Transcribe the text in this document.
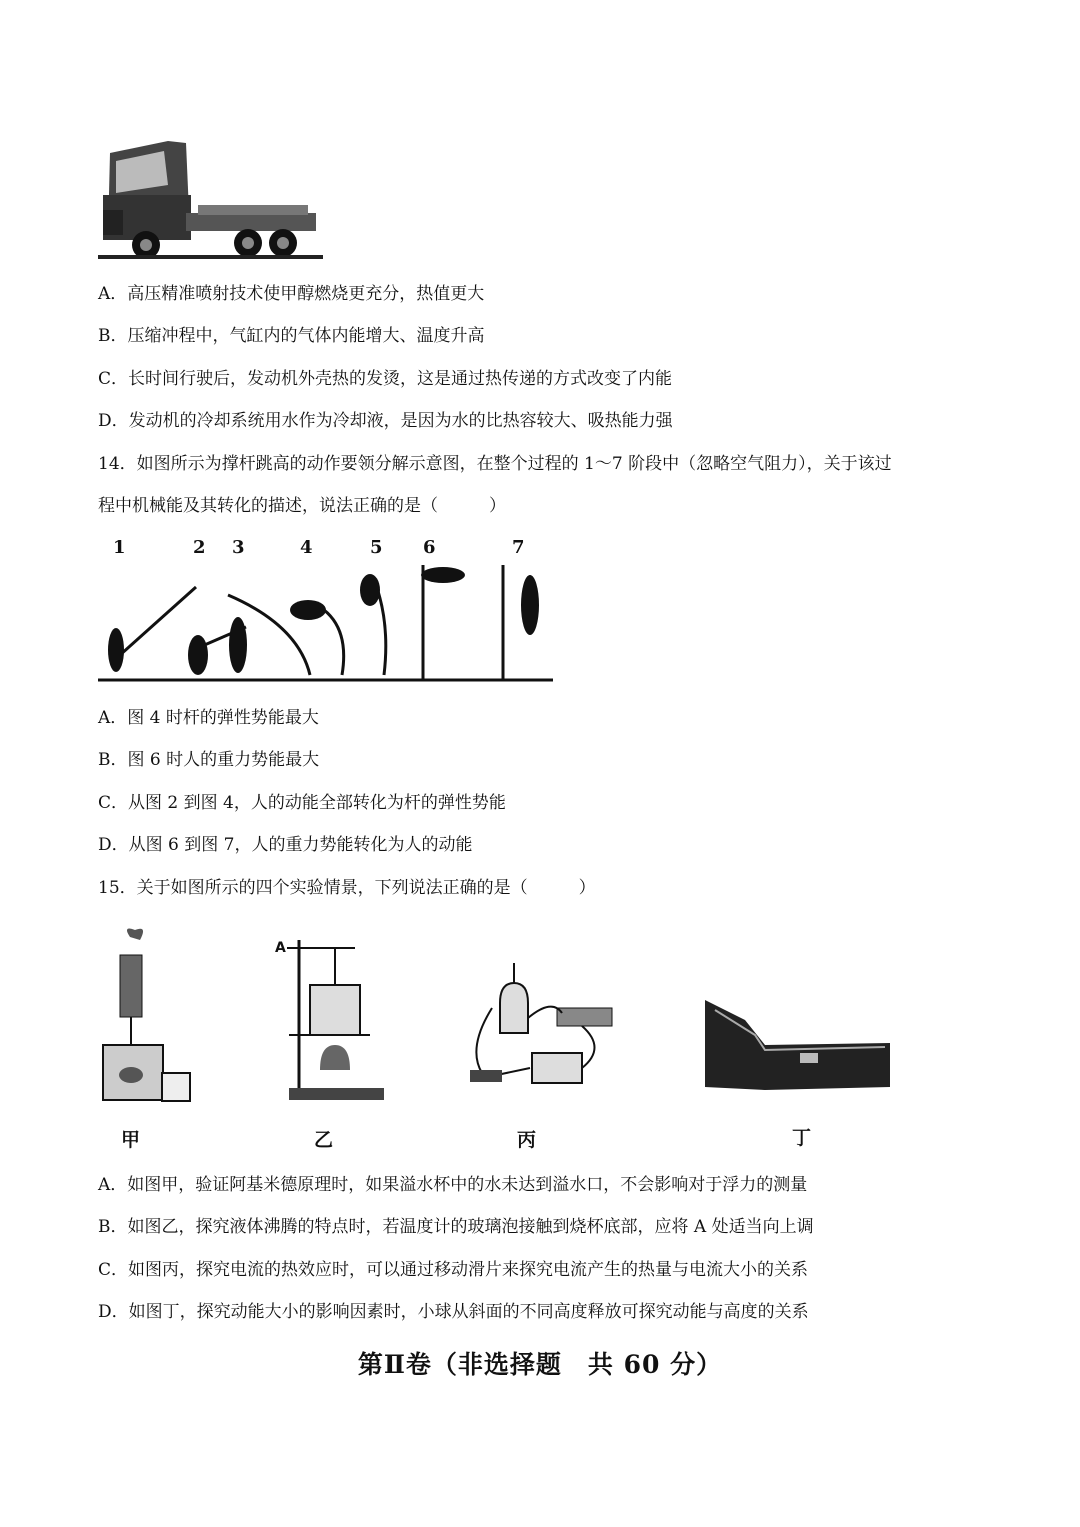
A．高压精准喷射技术使甲醇燃烧更充分，热值更大
B．压缩冲程中，气缸内的气体内能增大、温度升高
C．长时间行驶后，发动机外壳热的发烫，这是通过热传递的方式改变了内能
D．发动机的冷却系统用水作为冷却液，是因为水的比热容较大、吸热能力强
14．如图所示为撑杆跳高的动作要领分解示意图，在整个过程的 1～7 阶段中（忽略空气阻力），关于该过
程中机械能及其转化的描述，说法正确的是（　　　）
1	2 3	4	5 6	7
A．图 4 时杆的弹性势能最大
B．图 6 时人的重力势能最大
C．从图 2 到图 4，人的动能全部转化为杆的弹性势能
D．从图 6 到图 7，人的重力势能转化为人的动能
15．关于如图所示的四个实验情景，下列说法正确的是（　　　）
A
甲	乙	丙	丁
A．如图甲，验证阿基米德原理时，如果溢水杯中的水未达到溢水口，不会影响对于浮力的测量
B．如图乙，探究液体沸腾的特点时，若温度计的玻璃泡接触到烧杯底部，应将 A 处适当向上调
C．如图丙，探究电流的热效应时，可以通过移动滑片来探究电流产生的热量与电流大小的关系
D．如图丁，探究动能大小的影响因素时，小球从斜面的不同高度释放可探究动能与高度的关系
第Ⅱ卷（非选择题　共 60 分）
